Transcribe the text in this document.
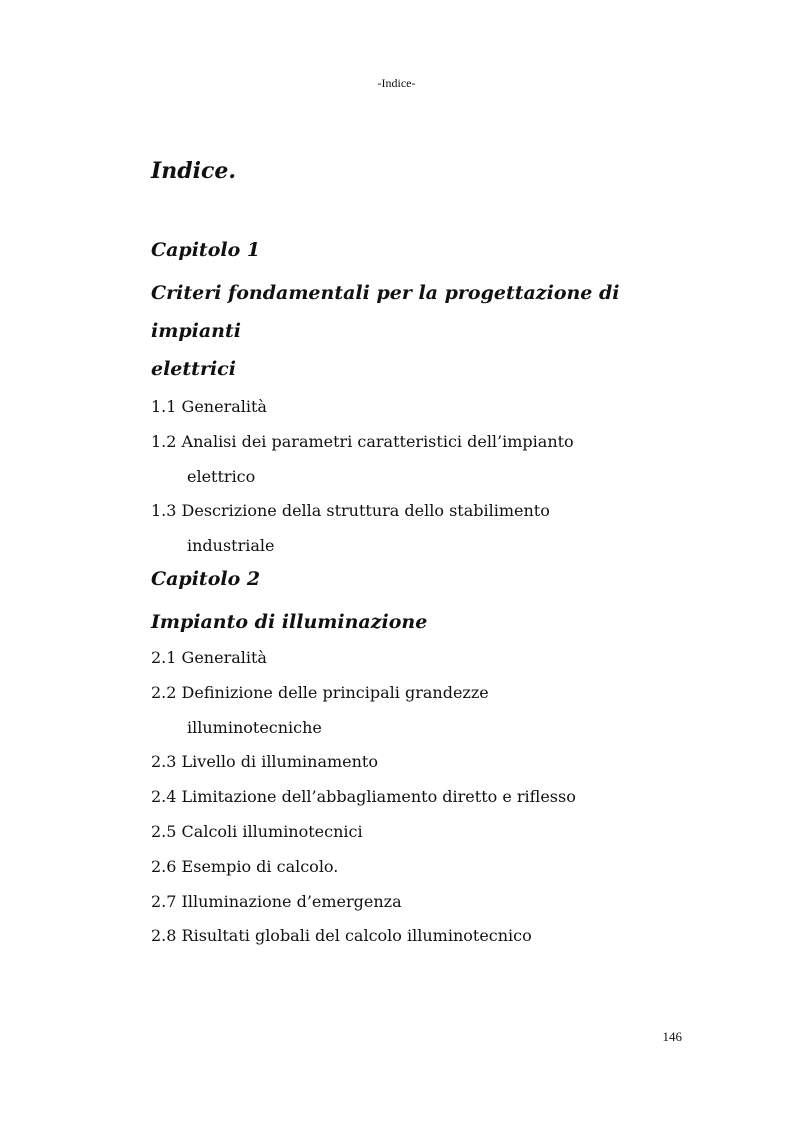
-Indice-
Indice.
Capitolo 1
Criteri fondamentali per la progettazione di impianti
elettrici
1.1 Generalità
1.2 Analisi dei parametri caratteristici dell’impianto
elettrico
1.3 Descrizione della struttura dello stabilimento
industriale
Capitolo 2
Impianto di illuminazione
2.1 Generalità
2.2 Definizione delle principali grandezze
illuminotecniche
2.3 Livello di illuminamento
2.4 Limitazione dell’abbagliamento diretto e riflesso
2.5 Calcoli illuminotecnici
2.6 Esempio di calcolo.
2.7 Illuminazione d’emergenza
2.8 Risultati globali del calcolo illuminotecnico
146
